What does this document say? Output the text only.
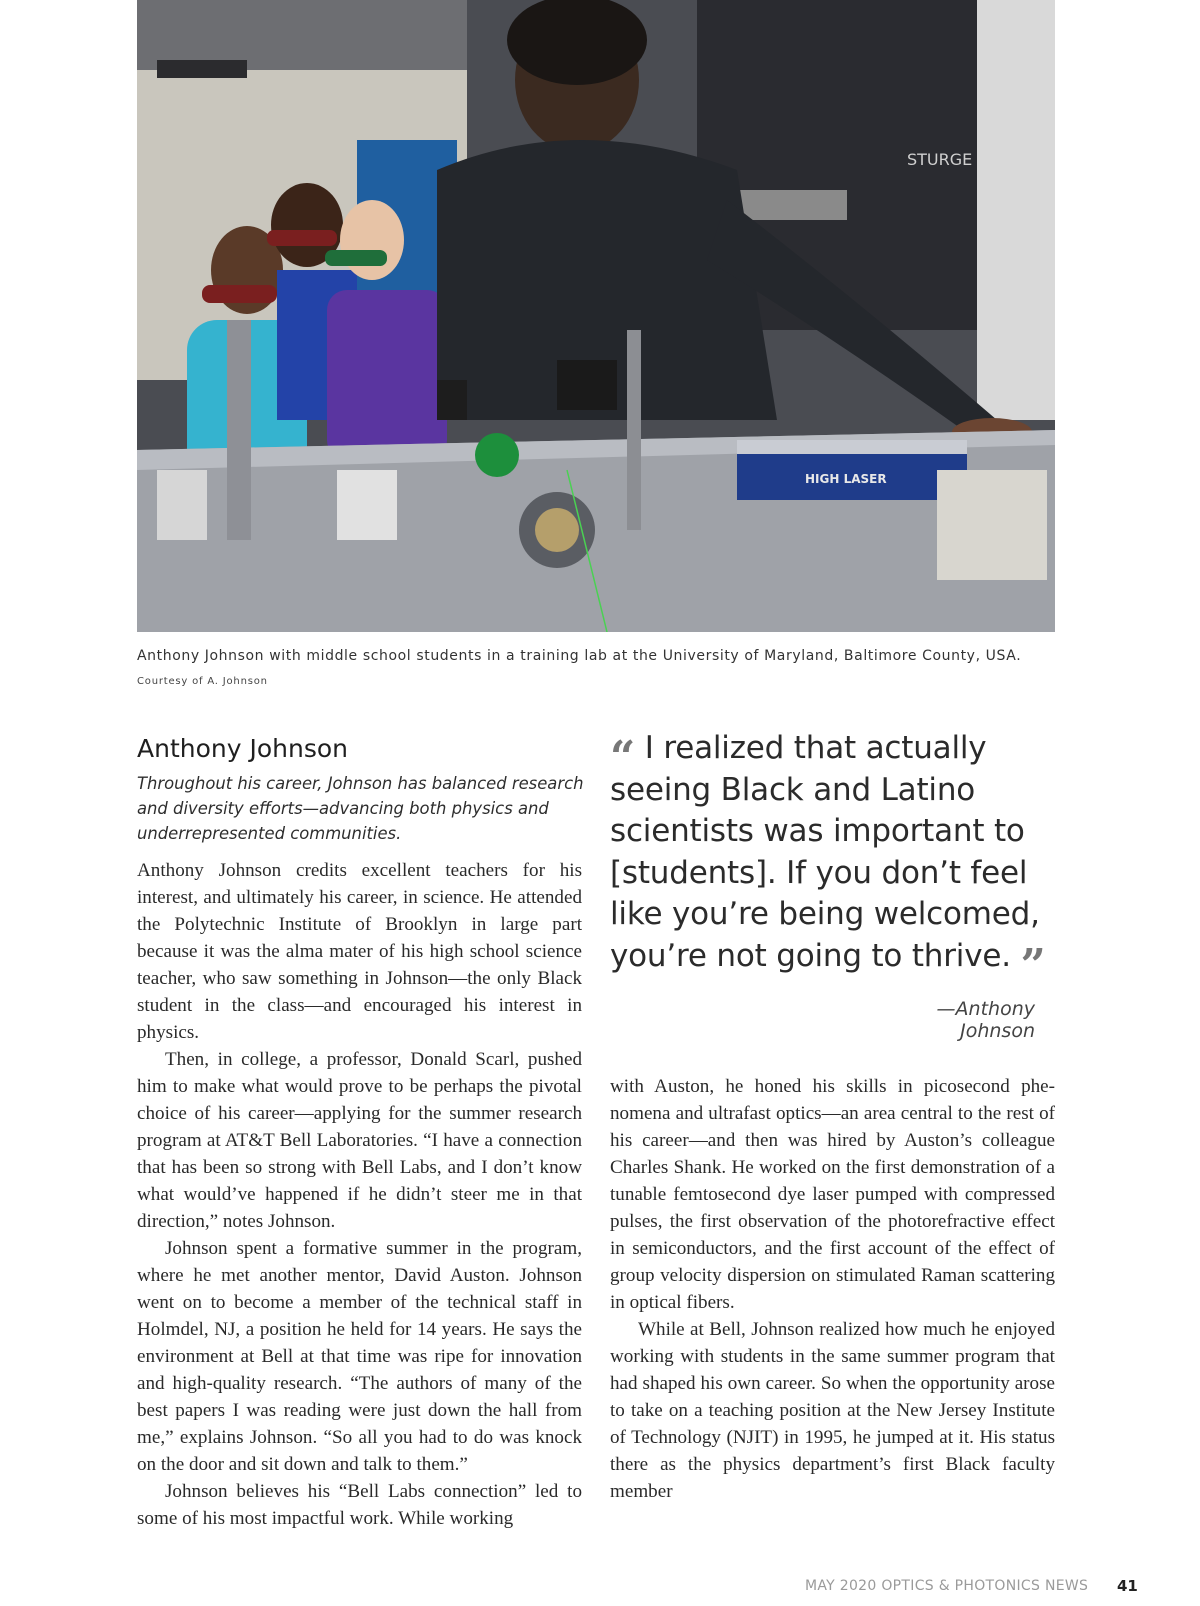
STURGE
HIGH LASER
Anthony Johnson with middle school students in a training lab at the University of Maryland, Baltimore County, USA.
Courtesy of A. Johnson
Anthony Johnson
Throughout his career, Johnson has balanced research and diversity efforts—advancing both physics and underrepresented communities.

Anthony Johnson credits excellent teachers for his interest, and ultimately his career, in science. He attended the Polytechnic Institute of Brooklyn in large part because it was the alma mater of his high school science teacher, who saw something in Johnson—the only Black student in the class—and encouraged his interest in physics.

Then, in college, a professor, Donald Scarl, pushed him to make what would prove to be perhaps the pivotal choice of his career—applying for the summer research program at AT&T Bell Laboratories. “I have a connection that has been so strong with Bell Labs, and I don’t know what would’ve happened if he didn’t steer me in that direction,” notes Johnson.

Johnson spent a formative summer in the program, where he met another mentor, David Auston. Johnson went on to become a member of the technical staff in Holmdel, NJ, a position he held for 14 years. He says the environment at Bell at that time was ripe for innovation and high-quality research. “The authors of many of the best papers I was reading were just down the hall from me,” explains Johnson. “So all you had to do was knock on the door and sit down and talk to them.”

Johnson believes his “Bell Labs connection” led to some of his most impactful work. While working

“ I realized that actually seeing Black and Latino scientists was important to [students]. If you don’t feel like you’re being welcomed, you’re not going to thrive. ”
—Anthony Johnson

with Auston, he honed his skills in picosecond phenomena and ultrafast optics—an area central to the rest of his career—and then was hired by Auston’s colleague Charles Shank. He worked on the first demonstration of a tunable femtosecond dye laser pumped with compressed pulses, the first observation of the photorefractive effect in semiconductors, and the first account of the effect of group velocity dispersion on stimulated Raman scattering in optical fibers.

While at Bell, Johnson realized how much he enjoyed working with students in the same summer program that had shaped his own career. So when the opportunity arose to take on a teaching position at the New Jersey Institute of Technology (NJIT) in 1995, he jumped at it. His status there as the physics department’s first Black faculty member

MAY 2020 OPTICS & PHOTONICS NEWS 41
